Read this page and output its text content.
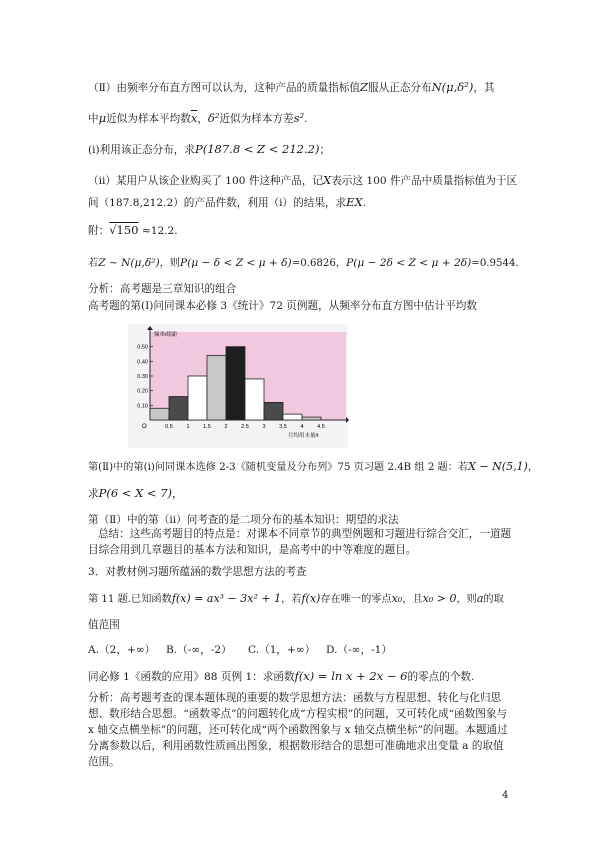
（Ⅱ）由频率分布直方图可以认为，这种产品的质量指标值Z服从正态分布N(μ,δ²)，其
中μ近似为样本平均数$\overline{x}$，δ²近似为样本方差s².
(i)利用该正态分布，求P(187.8 < Z < 212.2)；
（ii）某用户从该企业购买了 100 件这种产品，记X表示这 100 件产品中质量指标值为于区
间（187.8,212.2）的产品件数，利用（i）的结果，求EX.
附：√150 ≈12.2.
若Z ~ N(μ,δ²)，则P(μ − δ < Z < μ + δ)=0.6826，P(μ − 2δ < Z < μ + 2δ)=0.9544.
分析：高考题是三章知识的组合
高考题的第(Ⅰ)问同课本必修 3《统计》72 页例题，从频率分布直方图中估计平均数
频率/组距
O
月均用水量/t
0.10
0.20
0.30
0.40
0.50
0.5 1 1.5 2 2.5 3 3.5 4 4.5
第(Ⅱ)中的第(i)问同课本选修 2-3《随机变量及分布列》75 页习题 2.4B 组 2 题：若X − N(5,1)，
求P(6 < X < 7)，
第（Ⅱ）中的第（ii）问考查的是二项分布的基本知识：期望的求法
总结：这些高考题目的特点是：对课本不同章节的典型例题和习题进行综合交汇，一道题目综合用到几章题目的基本方法和知识，是高考中的中等难度的题目。
3．对教材例习题所蕴涵的数学思想方法的考查
第 11 题.已知函数f(x) = ax³ − 3x² + 1，若f(x)存在唯一的零点x₀，且x₀ > 0，则a的取
值范围
A.（2，+∞） B.（-∞，-2） C.（1，+∞） D.（-∞，-1）
同必修 1《函数的应用》88 页例 1：求函数f(x) = ln x + 2x − 6的零点的个数.
分析：高考题考查的课本题体现的重要的数学思想方法：函数与方程思想、转化与化归思想、数形结合思想。“函数零点”的问题转化成“方程实根”的问题，又可转化成“函数图象与 x 轴交点横坐标”的问题，还可转化成“两个函数图象与 x 轴交点横坐标”的问题。本题通过分离参数以后，利用函数性质画出图象，根据数形结合的思想可准确地求出变量 a 的取值范围。
4
